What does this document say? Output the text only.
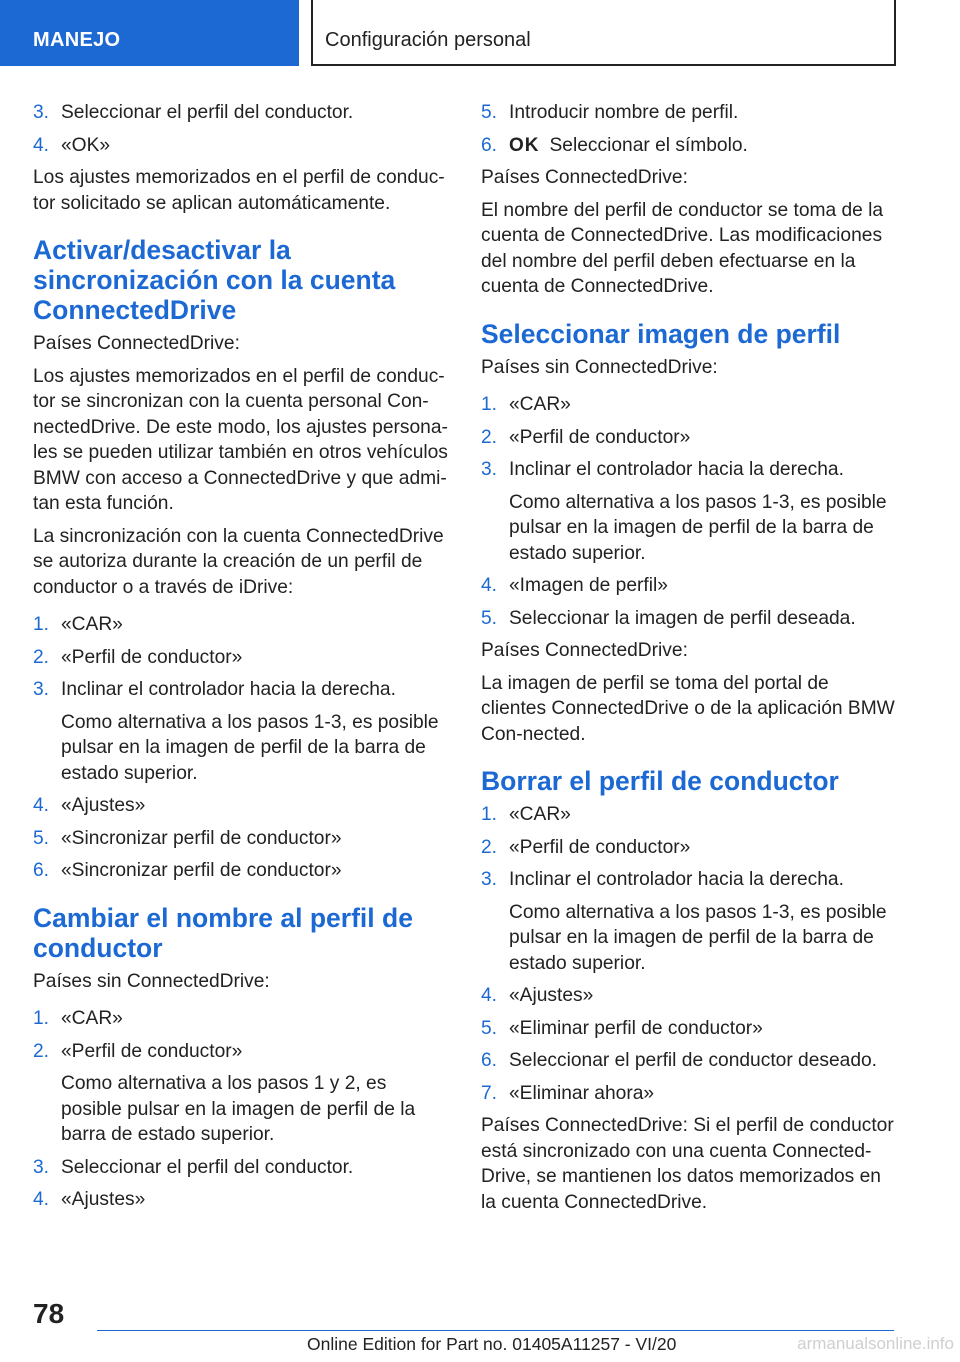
MANEJO	Configuración personal
3. Seleccionar el perfil del conductor.
4. «OK»
Los ajustes memorizados en el perfil de conduc-tor solicitado se aplican automáticamente.
Activar/desactivar la sincronización con la cuenta ConnectedDrive
Países ConnectedDrive:
Los ajustes memorizados en el perfil de conduc-tor se sincronizan con la cuenta personal Con-nectedDrive. De este modo, los ajustes persona-les se pueden utilizar también en otros vehículos BMW con acceso a ConnectedDrive y que admi-tan esta función.
La sincronización con la cuenta ConnectedDrive se autoriza durante la creación de un perfil de conductor o a través de iDrive:
1. «CAR»
2. «Perfil de conductor»
3. Inclinar el controlador hacia la derecha.
Como alternativa a los pasos 1-3, es posible pulsar en la imagen de perfil de la barra de estado superior.
4. «Ajustes»
5. «Sincronizar perfil de conductor»
6. «Sincronizar perfil de conductor»
Cambiar el nombre al perfil de conductor
Países sin ConnectedDrive:
1. «CAR»
2. «Perfil de conductor»
Como alternativa a los pasos 1 y 2, es posible pulsar en la imagen de perfil de la barra de estado superior.
3. Seleccionar el perfil del conductor.
4. «Ajustes»
5. Introducir nombre de perfil.
6. OK Seleccionar el símbolo.
Países ConnectedDrive:
El nombre del perfil de conductor se toma de la cuenta de ConnectedDrive. Las modificaciones del nombre del perfil deben efectuarse en la cuenta de ConnectedDrive.
Seleccionar imagen de perfil
Países sin ConnectedDrive:
1. «CAR»
2. «Perfil de conductor»
3. Inclinar el controlador hacia la derecha.
Como alternativa a los pasos 1-3, es posible pulsar en la imagen de perfil de la barra de estado superior.
4. «Imagen de perfil»
5. Seleccionar la imagen de perfil deseada.
Países ConnectedDrive:
La imagen de perfil se toma del portal de clientes ConnectedDrive o de la aplicación BMW Con-nected.
Borrar el perfil de conductor
1. «CAR»
2. «Perfil de conductor»
3. Inclinar el controlador hacia la derecha.
Como alternativa a los pasos 1-3, es posible pulsar en la imagen de perfil de la barra de estado superior.
4. «Ajustes»
5. «Eliminar perfil de conductor»
6. Seleccionar el perfil de conductor deseado.
7. «Eliminar ahora»
Países ConnectedDrive: Si el perfil de conductor está sincronizado con una cuenta Connected-Drive, se mantienen los datos memorizados en la cuenta ConnectedDrive.
78
Online Edition for Part no. 01405A11257 - VI/20	armanualsonline.info
